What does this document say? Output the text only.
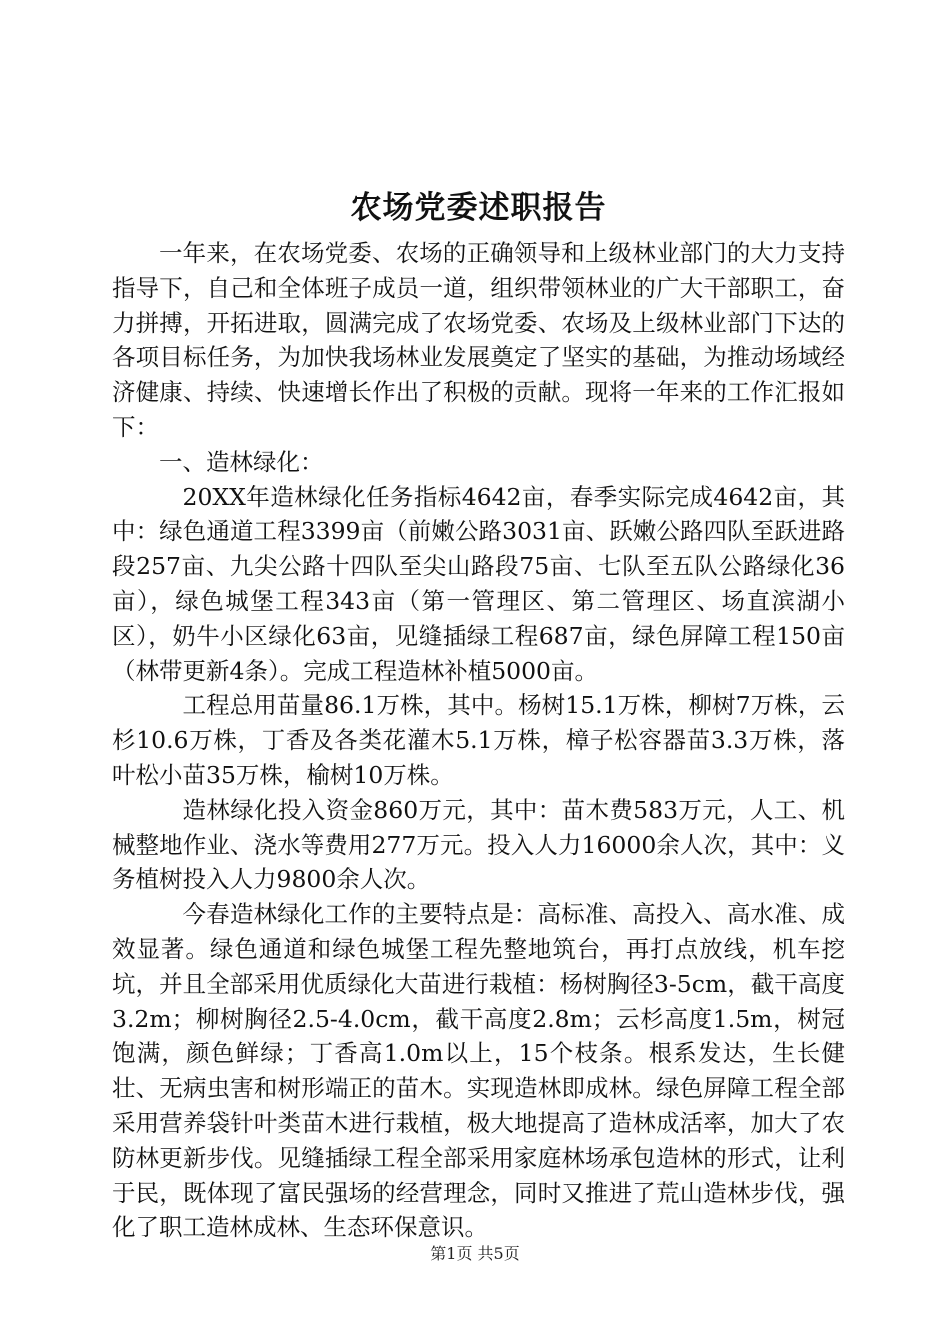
农场党委述职报告

一年来，在农场党委、农场的正确领导和上级林业部门的大力支持指导下，自己和全体班子成员一道，组织带领林业的广大干部职工，奋力拼搏，开拓进取，圆满完成了农场党委、农场及上级林业部门下达的各项目标任务，为加快我场林业发展奠定了坚实的基础，为推动场域经济健康、持续、快速增长作出了积极的贡献。现将一年来的工作汇报如下：

一、造林绿化：

20XX年造林绿化任务指标4642亩，春季实际完成4642亩，其中：绿色通道工程3399亩（前嫩公路3031亩、跃嫩公路四队至跃进路段257亩、九尖公路十四队至尖山路段75亩、七队至五队公路绿化36亩），绿色城堡工程343亩（第一管理区、第二管理区、场直滨湖小区），奶牛小区绿化63亩，见缝插绿工程687亩，绿色屏障工程150亩（林带更新4条）。完成工程造林补植5000亩。

工程总用苗量86.1万株，其中。杨树15.1万株，柳树7万株，云杉10.6万株，丁香及各类花灌木5.1万株，樟子松容器苗3.3万株，落叶松小苗35万株，榆树10万株。

造林绿化投入资金860万元，其中：苗木费583万元，人工、机械整地作业、浇水等费用277万元。投入人力16000余人次，其中：义务植树投入人力9800余人次。

今春造林绿化工作的主要特点是：高标准、高投入、高水准、成效显著。绿色通道和绿色城堡工程先整地筑台，再打点放线，机车挖坑，并且全部采用优质绿化大苗进行栽植：杨树胸径3-5cm，截干高度3.2m；柳树胸径2.5-4.0cm，截干高度2.8m；云杉高度1.5m，树冠饱满，颜色鲜绿；丁香高1.0m以上，15个枝条。根系发达，生长健壮、无病虫害和树形端正的苗木。实现造林即成林。绿色屏障工程全部采用营养袋针叶类苗木进行栽植，极大地提高了造林成活率，加大了农防林更新步伐。见缝插绿工程全部采用家庭林场承包造林的形式，让利于民，既体现了富民强场的经营理念，同时又推进了荒山造林步伐，强化了职工造林成林、生态环保意识。

第1页 共5页
